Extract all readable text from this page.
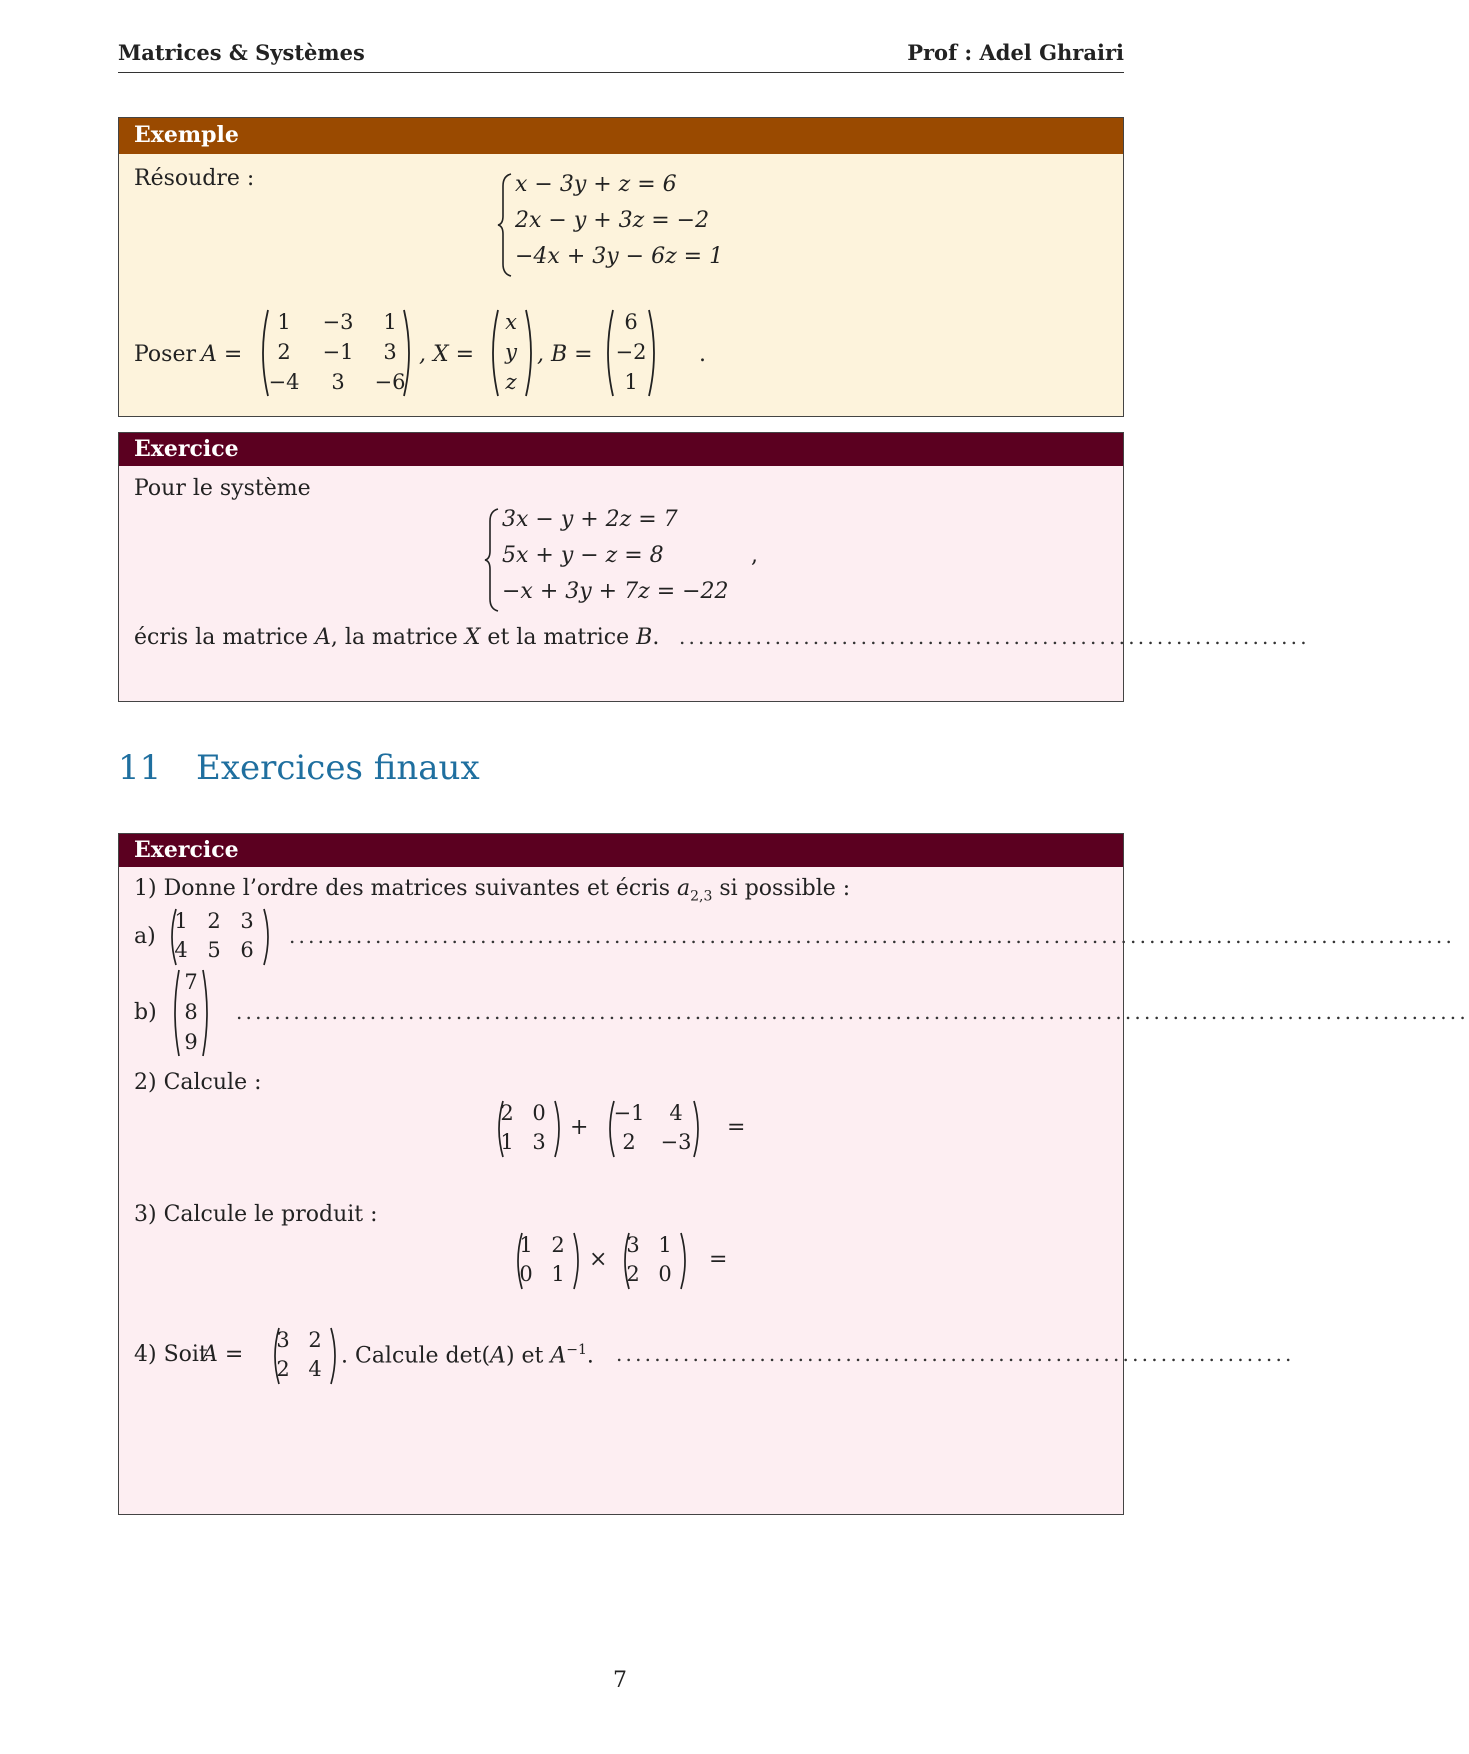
Matrices & Systèmes	Prof : Adel Ghrairi
Exemple
Résoudre :	x − 3y + z = 6
2x − y + 3z = −2
−4x + 3y − 6z = 1
Poser A =
1	−3	1
2	−1	3
−4	3	−6
, X =
x
y
z
, B =
6
−2
1
.
Exercice
Pour le système
3x − y + 2z = 7
5x + y − z = 8
−x + 3y + 7z = −22
,
écris la matrice A, la matrice X et la matrice B. ..................................................................
11 Exercices finaux
Exercice
1) Donne l’ordre des matrices suivantes et écris $a_{2,3}$ si possible :
a)
1 2 3
4 5 6
..........................................................................................................................
b)
7
8
9
.................................................................................................................................
2) Calcule :
2 0
1 3
+
−1	4
2	−3
=
3) Calcule le produit :
1 2
0 1
×
3 1
2 0
=
4) Soit
A =
3 2
2 4
. Calcule det(A) et $A^{-1}$. .......................................................................
7
